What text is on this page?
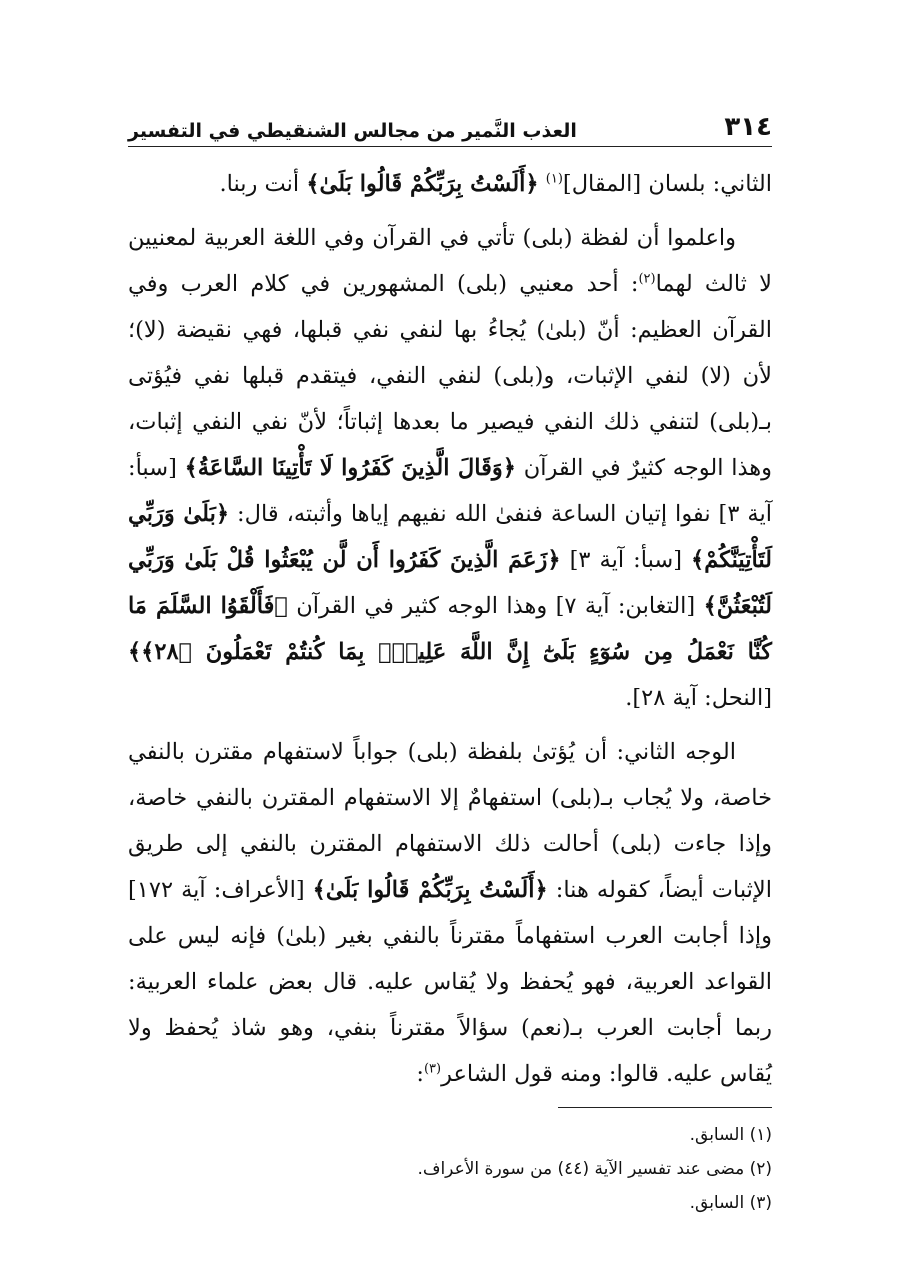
٣١٤
العذب النَّمير من مجالس الشنقيطي في التفسير

الثاني: بلسان [المقال]$^{(١)}$ ﴿أَلَسْتُ بِرَبِّكُمْ قَالُوا بَلَىٰ﴾ أنت ربنا.

واعلموا أن لفظة (بلى) تأتي في القرآن وفي اللغة العربية لمعنيين لا ثالث لهما$^{(٢)}$: أحد معنيي (بلى) المشهورين في كلام العرب وفي القرآن العظيم: أنّ (بلىٰ) يُجاءُ بها لنفي نفي قبلها، فهي نقيضة (لا)؛ لأن (لا) لنفي الإثبات، و(بلى) لنفي النفي، فيتقدم قبلها نفي فيُؤتى بـ(بلى) لتنفي ذلك النفي فيصير ما بعدها إثباتاً؛ لأنّ نفي النفي إثبات، وهذا الوجه كثيرٌ في القرآن ﴿وَقَالَ الَّذِينَ كَفَرُوا لَا تَأْتِينَا السَّاعَةُ﴾ [سبأ: آية ٣] نفوا إتيان الساعة فنفىٰ الله نفيهم إياها وأثبته، قال: ﴿بَلَىٰ وَرَبِّي لَتَأْتِيَنَّكُمْ﴾ [سبأ: آية ٣] ﴿زَعَمَ الَّذِينَ كَفَرُوا أَن لَّن يُبْعَثُوا قُلْ بَلَىٰ وَرَبِّي لَتُبْعَثُنَّ﴾ [التغابن: آية ٧] وهذا الوجه كثير في القرآن ﴿فَأَلْقَوُا السَّلَمَ مَا كُنَّا نَعْمَلُ مِن سُوٓءٍ بَلَىٰٓ إِنَّ اللَّهَ عَلِيمٌۢ بِمَا كُنتُمْ تَعْمَلُونَ ﴿٢٨﴾﴾ [النحل: آية ٢٨].

الوجه الثاني: أن يُؤتىٰ بلفظة (بلى) جواباً لاستفهام مقترن بالنفي خاصة، ولا يُجاب بـ(بلى) استفهامٌ إلا الاستفهام المقترن بالنفي خاصة، وإذا جاءت (بلى) أحالت ذلك الاستفهام المقترن بالنفي إلى طريق الإثبات أيضاً، كقوله هنا: ﴿أَلَسْتُ بِرَبِّكُمْ قَالُوا بَلَىٰ﴾ [الأعراف: آية ١٧٢] وإذا أجابت العرب استفهاماً مقترناً بالنفي بغير (بلىٰ) فإنه ليس على القواعد العربية، فهو يُحفظ ولا يُقاس عليه. قال بعض علماء العربية: ربما أجابت العرب بـ(نعم) سؤالاً مقترناً بنفي، وهو شاذ يُحفظ ولا يُقاس عليه. قالوا: ومنه قول الشاعر$^{(٣)}$:

(١) السابق.

(٢) مضى عند تفسير الآية (٤٤) من سورة الأعراف.

(٣) السابق.
